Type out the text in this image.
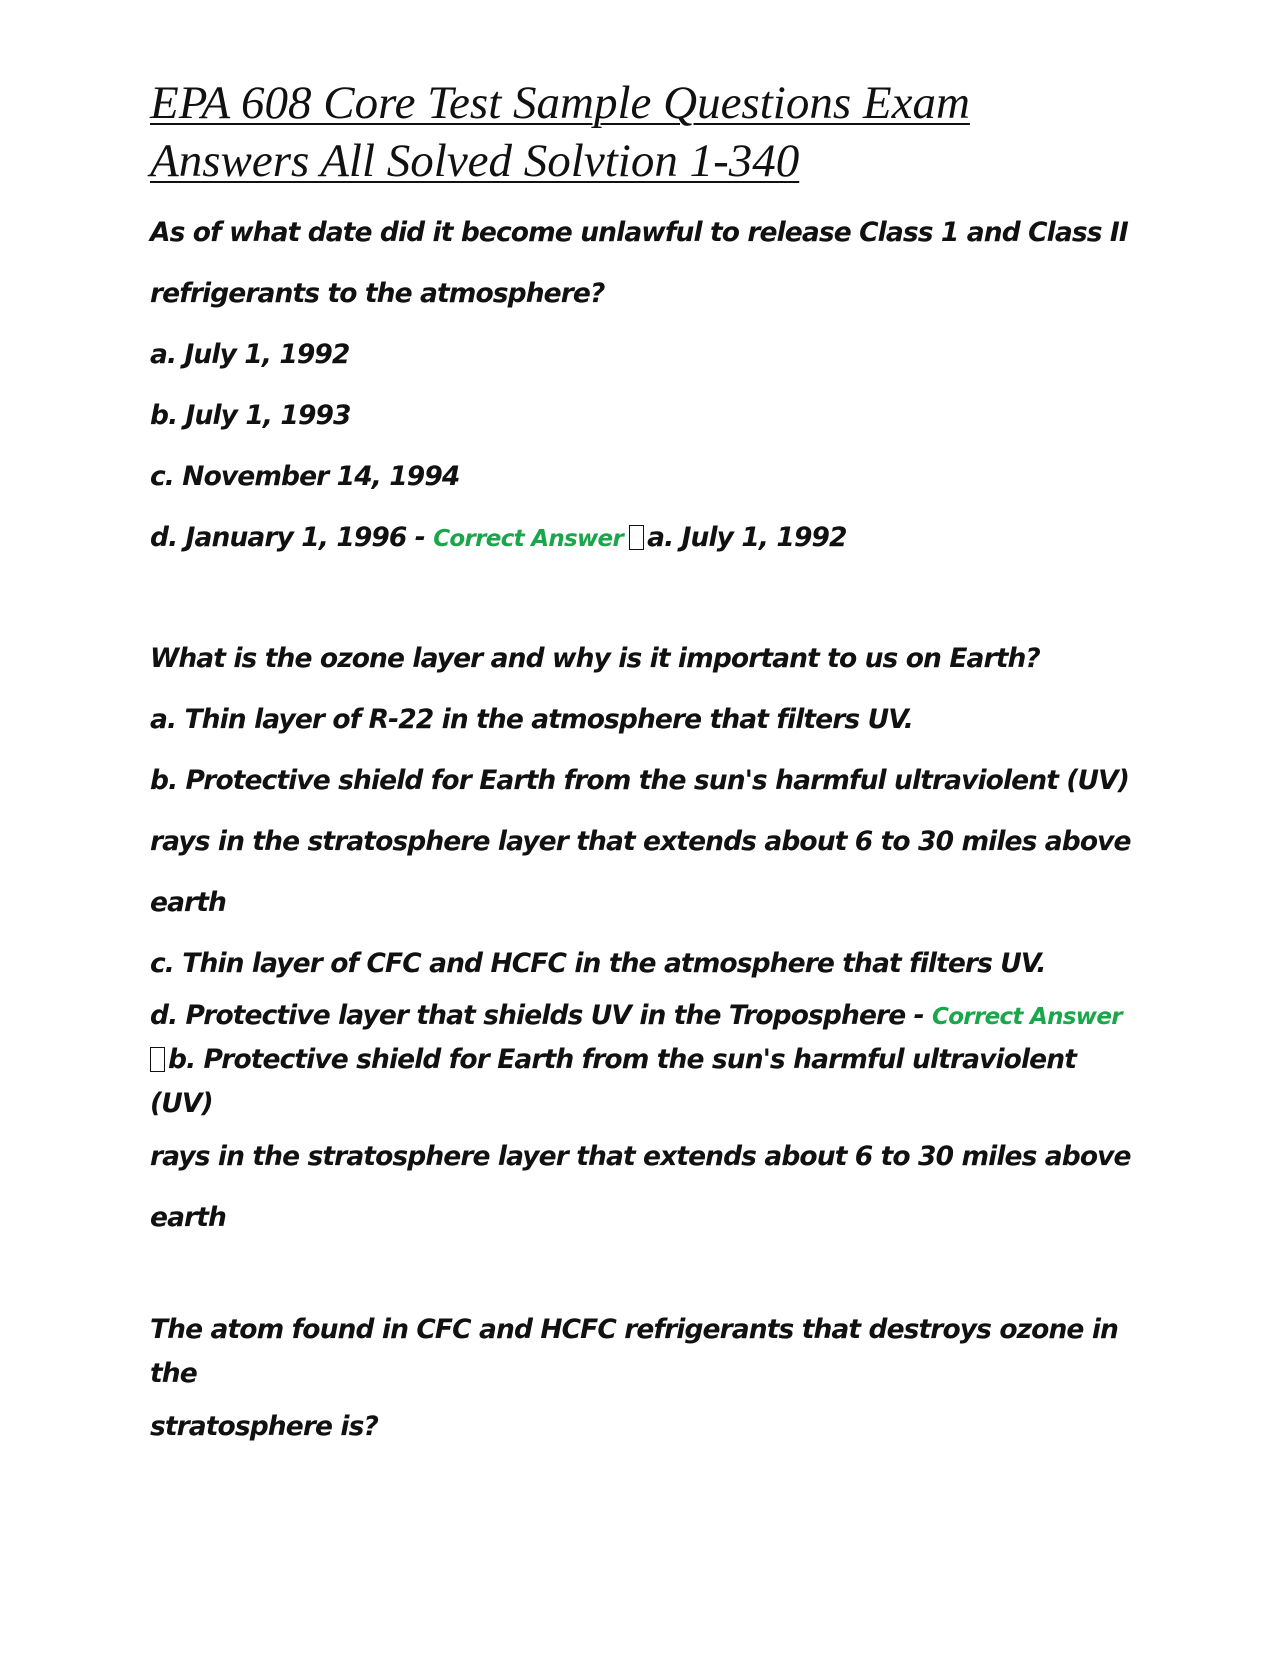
EPA 608 Core Test Sample Questions Exam
Answers All Solved Solvtion 1-340
As of what date did it become unlawful to release Class 1 and Class II
refrigerants to the atmosphere?
a. July 1, 1992
b. July 1, 1993
c. November 14, 1994
d. January 1, 1996 - Correct Answer a. July 1, 1992
What is the ozone layer and why is it important to us on Earth?
a. Thin layer of R-22 in the atmosphere that filters UV.
b. Protective shield for Earth from the sun's harmful ultraviolent (UV)
rays in the stratosphere layer that extends about 6 to 30 miles above
earth
c. Thin layer of CFC and HCFC in the atmosphere that filters UV.
d. Protective layer that shields UV in the Troposphere - Correct Answer
b. Protective shield for Earth from the sun's harmful ultraviolent
(UV)
rays in the stratosphere layer that extends about 6 to 30 miles above
earth
The atom found in CFC and HCFC refrigerants that destroys ozone in
the
stratosphere is?
